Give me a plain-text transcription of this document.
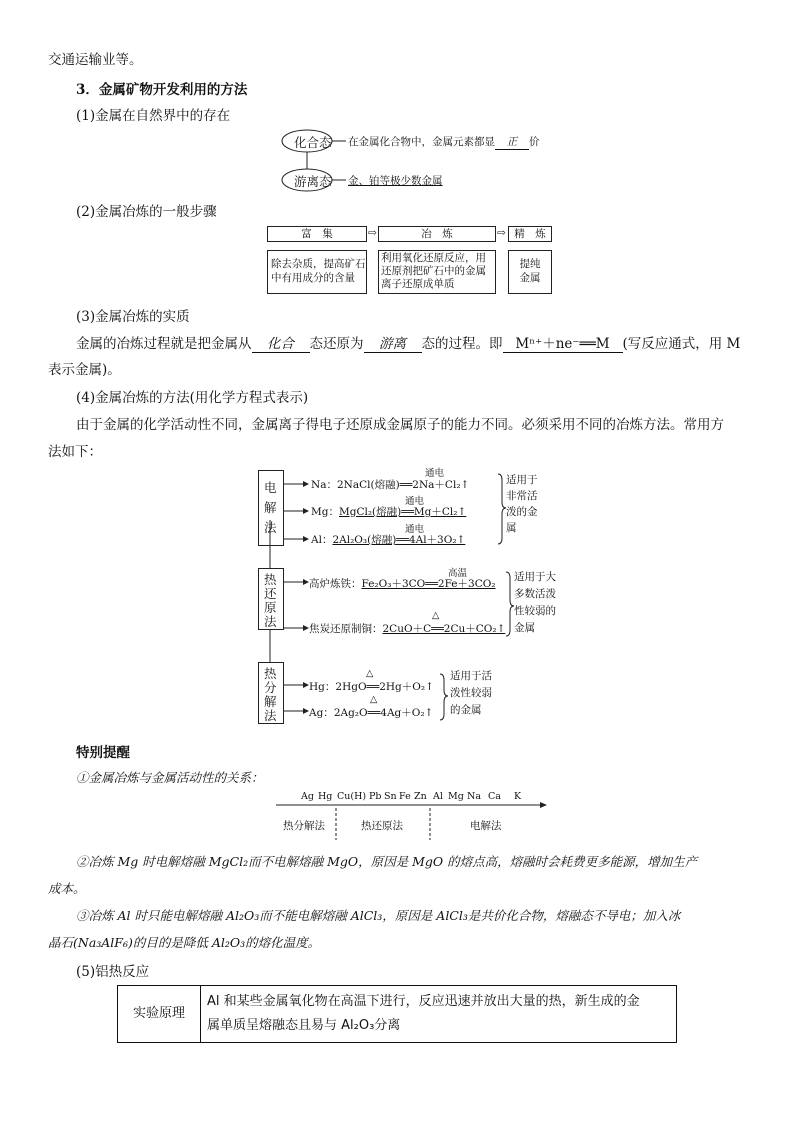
交通运输业等。
3．金属矿物开发利用的方法
(1)金属在自然界中的存在
化合态
游离态
在金属化合物中，金属元素都显 正 价
金、铂等极少数金属
(2)金属冶炼的一般步骤
富　集
除去杂质，提高矿石
中有用成分的含量
⇨	冶　炼
利用氧化还原反应，用
还原剂把矿石中的金属
离子还原成单质
⇨ 精　炼
提纯
金属
(3)金属冶炼的实质
金属的冶炼过程就是把金属从 化合 态还原为 游离 态的过程。即 Mⁿ⁺＋ne⁻══M (写反应通式，用 M
表示金属)。
(4)金属冶炼的方法(用化学方程式表示)
由于金属的化学活动性不同，金属离子得电子还原成金属原子的能力不同。必须采用不同的冶炼方法。常用方
法如下：
电
解
法
通电
Na：2NaCl(熔融)══2Na＋Cl₂↑
通电
Mg：MgCl₂(熔融)══Mg＋Cl₂↑
通电
Al：2Al₂O₃(熔融)══4Al＋3O₂↑
适用于
非常活
泼的金
属
热
还
原
法
高温
高炉炼铁：Fe₂O₃＋3CO══2Fe＋3CO₂
△
焦炭还原制铜：2CuO＋C══2Cu＋CO₂↑
适用于大
多数活泼
性较弱的
金属
热
分
解
法
△
Hg：2HgO══2Hg＋O₂↑
△
Ag：2Ag₂O══4Ag＋O₂↑
适用于活
泼性较弱
的金属
特别提醒
①金属冶炼与金属活动性的关系：
Ag Hg Cu(H) Pb Sn Fe Zn Al Mg Na Ca K
热分解法	热还原法	电解法
②冶炼 Mg 时电解熔融 MgCl₂而不电解熔融 MgO，原因是 MgO 的熔点高，熔融时会耗费更多能源，增加生产
成本。
③冶炼 Al 时只能电解熔融 Al₂O₃而不能电解熔融 AlCl₃，原因是 AlCl₃是共价化合物，熔融态不导电；加入冰
晶石(Na₃AlF₆)的目的是降低 Al₂O₃的熔化温度。
(5)铝热反应
实验原理	
Al 和某些金属氧化物在高温下进行，反应迅速并放出大量的热，新生成的金
属单质呈熔融态且易与 Al₂O₃分离
